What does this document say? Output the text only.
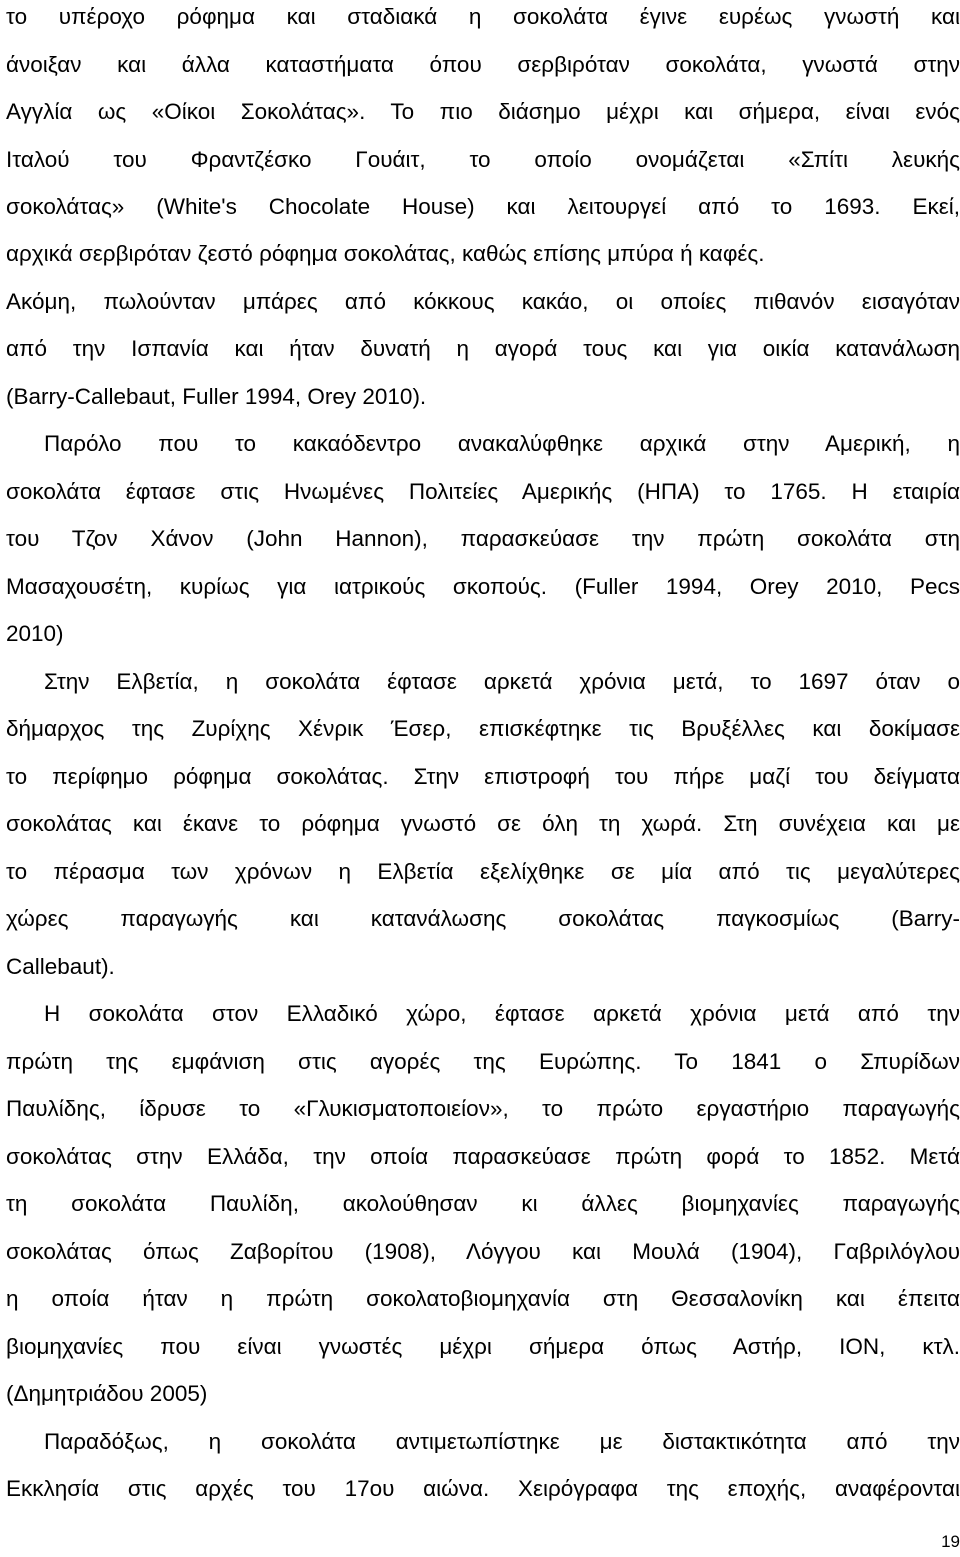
το υπέροχο ρόφημα και σταδιακά η σοκολάτα έγινε ευρέως γνωστή και
άνοιξαν και άλλα καταστήματα όπου σερβιρόταν σοκολάτα, γνωστά στην
Αγγλία ως «Οίκοι Σοκολάτας». Το πιο διάσημο μέχρι και σήμερα, είναι ενός
Ιταλού του Φραντζέσκο Γουάιτ, το οποίο ονομάζεται «Σπίτι λευκής
σοκολάτας» (White's Chocolate House) και λειτουργεί από το 1693. Εκεί,
αρχικά σερβιρόταν ζεστό ρόφημα σοκολάτας, καθώς επίσης μπύρα ή καφές.
Ακόμη, πωλούνταν μπάρες από κόκκους κακάο, οι οποίες πιθανόν εισαγόταν
από την Ισπανία και ήταν δυνατή η αγορά τους και για οικία κατανάλωση
(Barry-Callebaut, Fuller 1994, Orey 2010).
Παρόλο που το κακαόδεντρο ανακαλύφθηκε αρχικά στην Αμερική, η
σοκολάτα έφτασε στις Ηνωμένες Πολιτείες Αμερικής (ΗΠΑ) το 1765. Η εταιρία
του Τζον Χάνον (John Hannon), παρασκεύασε την πρώτη σοκολάτα στη
Μασαχουσέτη, κυρίως για ιατρικούς σκοπούς. (Fuller 1994, Orey 2010, Pecs
2010)
Στην Ελβετία, η σοκολάτα έφτασε αρκετά χρόνια μετά, το 1697 όταν ο
δήμαρχος της Ζυρίχης Χένρικ Έσερ, επισκέφτηκε τις Βρυξέλλες και δοκίμασε
το περίφημο ρόφημα σοκολάτας. Στην επιστροφή του πήρε μαζί του δείγματα
σοκολάτας και έκανε το ρόφημα γνωστό σε όλη τη χωρά. Στη συνέχεια και με
το πέρασμα των χρόνων η Ελβετία εξελίχθηκε σε μία από τις μεγαλύτερες
χώρες παραγωγής και κατανάλωσης σοκολάτας παγκοσμίως (Barry-
Callebaut).
Η σοκολάτα στον Ελλαδικό χώρο, έφτασε αρκετά χρόνια μετά από την
πρώτη της εμφάνιση στις αγορές της Ευρώπης. Το 1841 ο Σπυρίδων
Παυλίδης, ίδρυσε το «Γλυκισματοποιείον», το πρώτο εργαστήριο παραγωγής
σοκολάτας στην Ελλάδα, την οποία παρασκεύασε πρώτη φορά το 1852. Μετά
τη σοκολάτα Παυλίδη, ακολούθησαν κι άλλες βιομηχανίες παραγωγής
σοκολάτας όπως Ζαβορίτου (1908), Λόγγου και Μουλά (1904), Γαβριλόγλου
η οποία ήταν η πρώτη σοκολατοβιομηχανία στη Θεσσαλονίκη και έπειτα
βιομηχανίες που είναι γνωστές μέχρι σήμερα όπως Αστήρ, ΙΟΝ, κτλ.
(Δημητριάδου 2005)
Παραδόξως, η σοκολάτα αντιμετωπίστηκε με διστακτικότητα από την
Εκκλησία στις αρχές του 17ου αιώνα. Χειρόγραφα της εποχής, αναφέρονται
19
